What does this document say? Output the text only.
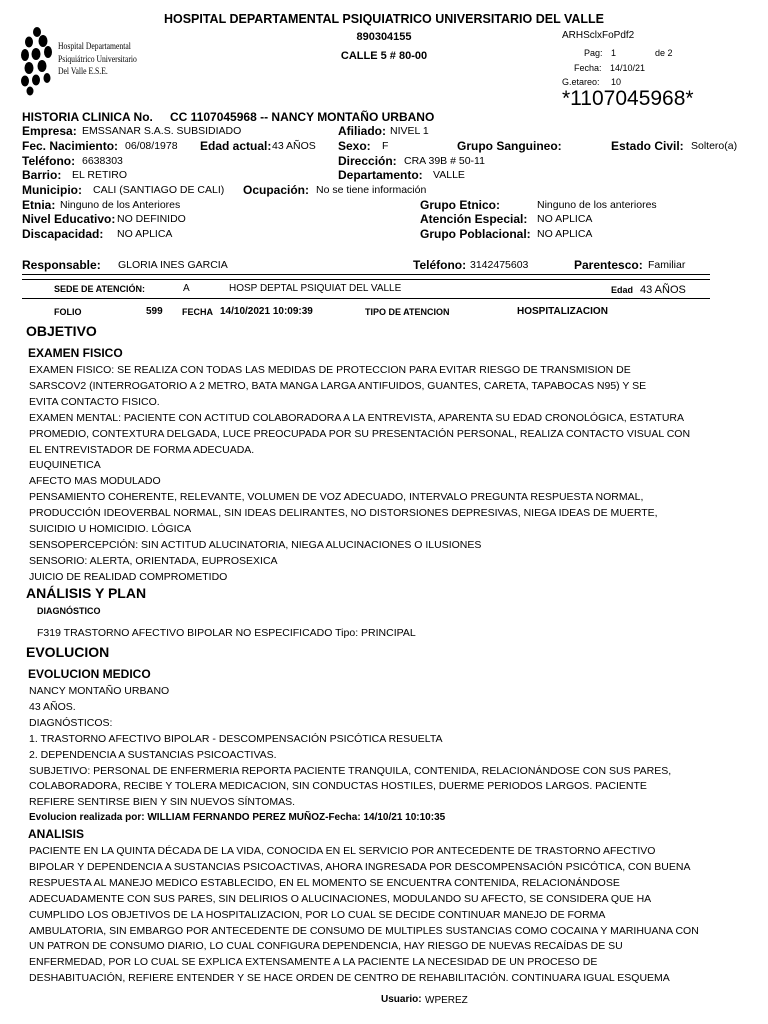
HOSPITAL DEPARTAMENTAL PSIQUIATRICO UNIVERSITARIO DEL VALLE
890304155
CALLE 5 # 80-00
Hospital Departamental
Psiquiátrico Universitario
Del Valle E.S.E.
ARHSclxFoPdf2
Pag: 1	de 2
Fecha: 14/10/21
G.etareo: 10
*1107045968*
HISTORIA CLINICA No. CC 1107045968 -- NANCY MONTAÑO URBANO
Empresa: EMSSANAR S.A.S. SUBSIDIADO	Afiliado: NIVEL 1
Fec. Nacimiento: 06/08/1978 Edad actual: 43 AÑOS Sexo: F	Grupo Sanguineo:	Estado Civil: Soltero(a)
Teléfono: 6638303	Dirección: CRA 39B # 50-11
Barrio: EL RETIRO	Departamento: VALLE
Municipio: CALI (SANTIAGO DE CALI) Ocupación: No se tiene información
Etnia: Ninguno de los Anteriores	Grupo Etnico:	Ninguno de los anteriores
Nivel Educativo: NO DEFINIDO	Atención Especial: NO APLICA
Discapacidad: NO APLICA	Grupo Poblacional: NO APLICA
Responsable: GLORIA INES GARCIA	Teléfono: 3142475603	Parentesco: Familiar
SEDE DE ATENCIÓN:	A	HOSP DEPTAL PSIQUIAT DEL VALLE	Edad 43 AÑOS
FOLIO	599 FECHA 14/10/2021 10:09:39	TIPO DE ATENCION	HOSPITALIZACION
OBJETIVO
EXAMEN FISICO
EXAMEN FISICO: SE REALIZA CON TODAS LAS MEDIDAS DE PROTECCION PARA EVITAR RIESGO DE TRANSMISION DE
SARSCOV2 (INTERROGATORIO A 2 METRO, BATA MANGA LARGA ANTIFUIDOS, GUANTES, CARETA, TAPABOCAS N95) Y SE
EVITA CONTACTO FISICO.
EXAMEN MENTAL: PACIENTE CON ACTITUD COLABORADORA A LA ENTREVISTA, APARENTA SU EDAD CRONOLÓGICA, ESTATURA
PROMEDIO, CONTEXTURA DELGADA, LUCE PREOCUPADA POR SU PRESENTACIÓN PERSONAL, REALIZA CONTACTO VISUAL CON
EL ENTREVISTADOR DE FORMA ADECUADA.
EUQUINETICA
AFECTO MAS MODULADO
PENSAMIENTO COHERENTE, RELEVANTE, VOLUMEN DE VOZ ADECUADO, INTERVALO PREGUNTA RESPUESTA NORMAL,
PRODUCCIÓN IDEOVERBAL NORMAL, SIN IDEAS DELIRANTES, NO DISTORSIONES DEPRESIVAS, NIEGA IDEAS DE MUERTE,
SUICIDIO U HOMICIDIO. LÓGICA
SENSOPERCEPCIÓN: SIN ACTITUD ALUCINATORIA, NIEGA ALUCINACIONES O ILUSIONES
SENSORIO: ALERTA, ORIENTADA, EUPROSEXICA
JUICIO DE REALIDAD COMPROMETIDO
ANÁLISIS Y PLAN
DIAGNÓSTICO
F319 TRASTORNO AFECTIVO BIPOLAR NO ESPECIFICADO Tipo: PRINCIPAL
EVOLUCION
EVOLUCION MEDICO
NANCY MONTAÑO URBANO
43 AÑOS.
DIAGNÓSTICOS:
1. TRASTORNO AFECTIVO BIPOLAR - DESCOMPENSACIÓN PSICÓTICA RESUELTA
2. DEPENDENCIA A SUSTANCIAS PSICOACTIVAS.
SUBJETIVO: PERSONAL DE ENFERMERIA REPORTA PACIENTE TRANQUILA, CONTENIDA, RELACIONÁNDOSE CON SUS PARES,
COLABORADORA, RECIBE Y TOLERA MEDICACION, SIN CONDUCTAS HOSTILES, DUERME PERIODOS LARGOS. PACIENTE
REFIERE SENTIRSE BIEN Y SIN NUEVOS SÍNTOMAS.
Evolucion realizada por: WILLIAM FERNANDO PEREZ MUÑOZ-Fecha: 14/10/21 10:10:35
ANALISIS
PACIENTE EN LA QUINTA DÉCADA DE LA VIDA, CONOCIDA EN EL SERVICIO POR ANTECEDENTE DE TRASTORNO AFECTIVO
BIPOLAR Y DEPENDENCIA A SUSTANCIAS PSICOACTIVAS, AHORA INGRESADA POR DESCOMPENSACIÓN PSICÓTICA, CON BUENA
RESPUESTA AL MANEJO MEDICO ESTABLECIDO, EN EL MOMENTO SE ENCUENTRA CONTENIDA, RELACIONÁNDOSE
ADECUADAMENTE CON SUS PARES, SIN DELIRIOS O ALUCINACIONES, MODULANDO SU AFECTO, SE CONSIDERA QUE HA
CUMPLIDO LOS OBJETIVOS DE LA HOSPITALIZACION, POR LO CUAL SE DECIDE CONTINUAR MANEJO DE FORMA
AMBULATORIA, SIN EMBARGO POR ANTECEDENTE DE CONSUMO DE MULTIPLES SUSTANCIAS COMO COCAINA Y MARIHUANA CON
UN PATRON DE CONSUMO DIARIO, LO CUAL CONFIGURA DEPENDENCIA, HAY RIESGO DE NUEVAS RECAÍDAS DE SU
ENFERMEDAD, POR LO CUAL SE EXPLICA EXTENSAMENTE A LA PACIENTE LA NECESIDAD DE UN PROCESO DE
DESHABITUACIÓN, REFIERE ENTENDER Y SE HACE ORDEN DE CENTRO DE REHABILITACIÓN. CONTINUARA IGUAL ESQUEMA
Usuario: WPEREZ
